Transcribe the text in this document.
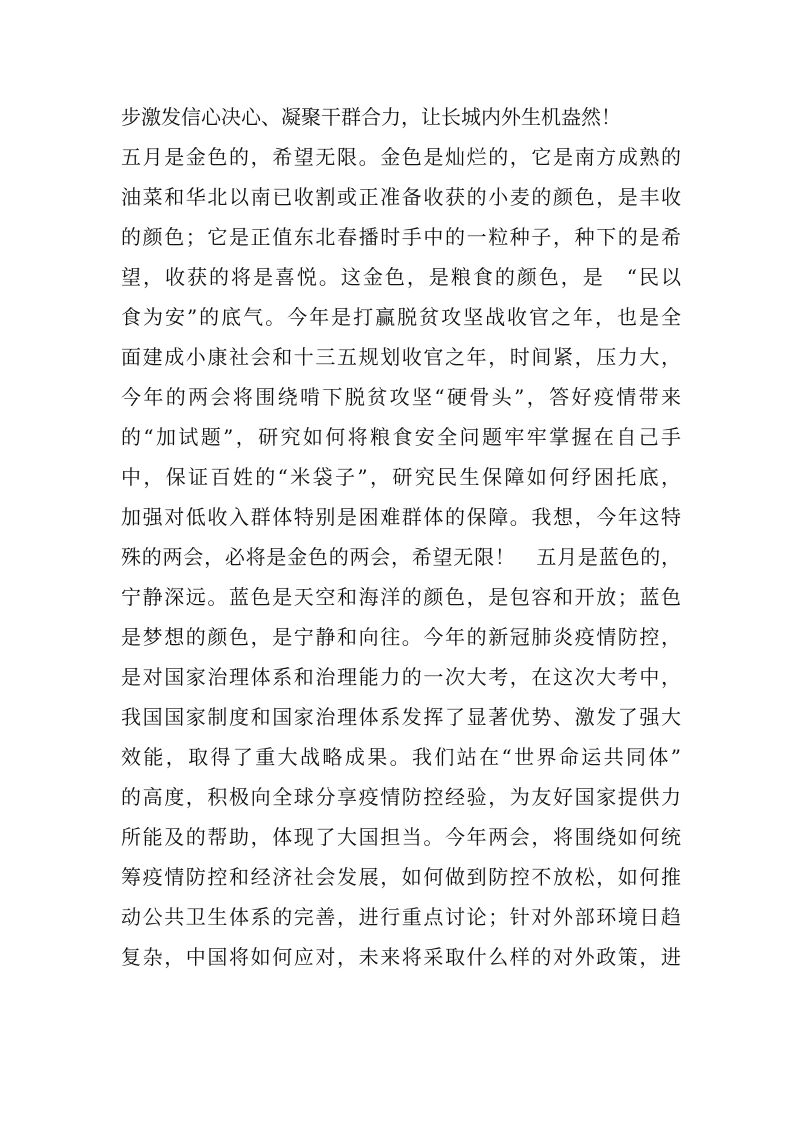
步激发信心决心、凝聚干群合力，让长城内外生机盎然！
五月是金色的，希望无限。金色是灿烂的，它是南方成熟的
油菜和华北以南已收割或正准备收获的小麦的颜色，是丰收
的颜色；它是正值东北春播时手中的一粒种子，种下的是希
望，收获的将是喜悦。这金色，是粮食的颜色，是　“民以
食为安”的底气。今年是打赢脱贫攻坚战收官之年，也是全
面建成小康社会和十三五规划收官之年，时间紧，压力大，
今年的两会将围绕啃下脱贫攻坚“硬骨头”，答好疫情带来
的“加试题”，研究如何将粮食安全问题牢牢掌握在自己手
中，保证百姓的“米袋子”，研究民生保障如何纾困托底，
加强对低收入群体特别是困难群体的保障。我想，今年这特
殊的两会，必将是金色的两会，希望无限！　五月是蓝色的，
宁静深远。蓝色是天空和海洋的颜色，是包容和开放；蓝色
是梦想的颜色，是宁静和向往。今年的新冠肺炎疫情防控，
是对国家治理体系和治理能力的一次大考，在这次大考中，
我国国家制度和国家治理体系发挥了显著优势、激发了强大
效能，取得了重大战略成果。我们站在“世界命运共同体”
的高度，积极向全球分享疫情防控经验，为友好国家提供力
所能及的帮助，体现了大国担当。今年两会，将围绕如何统
筹疫情防控和经济社会发展，如何做到防控不放松，如何推
动公共卫生体系的完善，进行重点讨论；针对外部环境日趋
复杂，中国将如何应对，未来将采取什么样的对外政策，进
